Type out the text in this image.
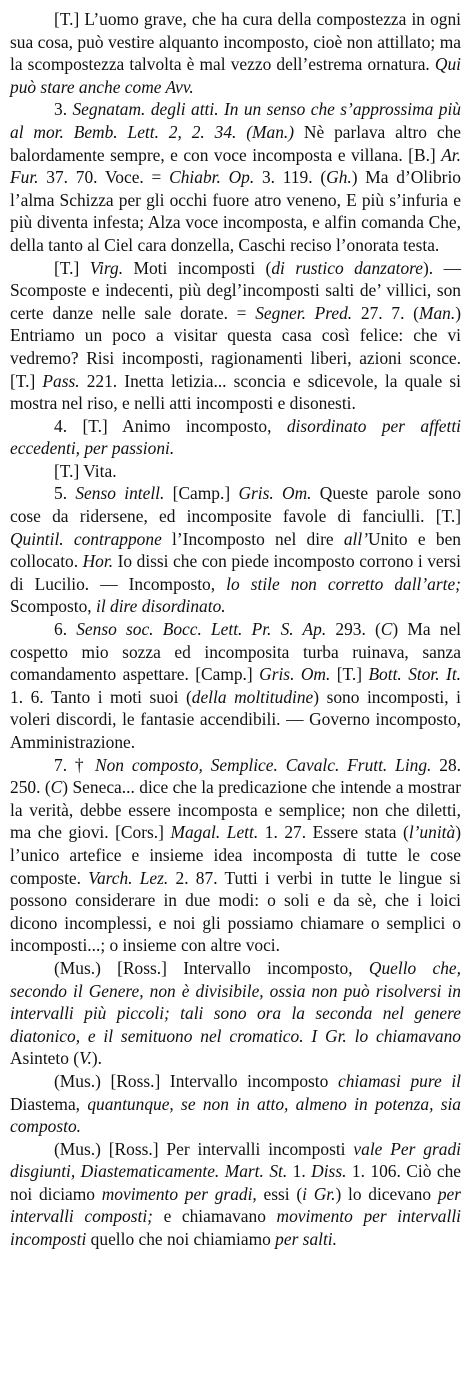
[T.] L’uomo grave, che ha cura della compostezza in ogni sua cosa, può vestire alquanto incomposto, cioè non attillato; ma la scompostezza talvolta è mal vezzo dell’estrema ornatura. Qui può stare anche come Avv.

3. Segnatam. degli atti. In un senso che s’approssima più al mor. Bemb. Lett. 2, 2. 34. (Man.) Nè parlava altro che balordamente sempre, e con voce incomposta e villana. [B.] Ar. Fur. 37. 70. Voce. = Chiabr. Op. 3. 119. (Gh.) Ma d’Olibrio l’alma Schizza per gli occhi fuore atro veneno, E più s’infuria e più diventa infesta; Alza voce incomposta, e alfin comanda Che, della tanto al Ciel cara donzella, Caschi reciso l’onorata testa.

[T.] Virg. Moti incomposti (di rustico danzatore). — Scomposte e indecenti, più degl’incomposti salti de’ villici, son certe danze nelle sale dorate. = Segner. Pred. 27. 7. (Man.) Entriamo un poco a visitar questa casa così felice: che vi vedremo? Risi incomposti, ragionamenti liberi, azioni sconce. [T.] Pass. 221. Inetta letizia... sconcia e sdicevole, la quale si mostra nel riso, e nelli atti incomposti e disonesti.

4. [T.] Animo incomposto, disordinato per affetti eccedenti, per passioni.

[T.] Vita.

5. Senso intell. [Camp.] Gris. Om. Queste parole sono cose da ridersene, ed incomposite favole di fanciulli. [T.] Quintil. contrappone l’Incomposto nel dire all’Unito e ben collocato. Hor. Io dissi che con piede incomposto corrono i versi di Lucilio. — Incomposto, lo stile non corretto dall’arte; Scomposto, il dire disordinato.

6. Senso soc. Bocc. Lett. Pr. S. Ap. 293. (C) Ma nel cospetto mio sozza ed incomposita turba ruinava, sanza comandamento aspettare. [Camp.] Gris. Om. [T.] Bott. Stor. It. 1. 6. Tanto i moti suoi (della moltitudine) sono incomposti, i voleri discordi, le fantasie accendibili. — Governo incomposto, Amministrazione.

7. † Non composto, Semplice. Cavalc. Frutt. Ling. 28. 250. (C) Seneca... dice che la predicazione che intende a mostrar la verità, debbe essere incomposta e semplice; non che diletti, ma che giovi. [Cors.] Magal. Lett. 1. 27. Essere stata (l’unità) l’unico artefice e insieme idea incomposta di tutte le cose composte. Varch. Lez. 2. 87. Tutti i verbi in tutte le lingue si possono considerare in due modi: o soli e da sè, che i loici dicono incomplessi, e noi gli possiamo chiamare o semplici o incomposti...; o insieme con altre voci.

(Mus.) [Ross.] Intervallo incomposto, Quello che, secondo il Genere, non è divisibile, ossia non può risolversi in intervalli più piccoli; tali sono ora la seconda nel genere diatonico, e il semituono nel cromatico. I Gr. lo chiamavano Asinteto (V.).

(Mus.) [Ross.] Intervallo incomposto chiamasi pure il Diastema, quantunque, se non in atto, almeno in potenza, sia composto.

(Mus.) [Ross.] Per intervalli incomposti vale Per gradi disgiunti, Diastematicamente. Mart. St. 1. Diss. 1. 106. Ciò che noi diciamo movimento per gradi, essi (i Gr.) lo dicevano per intervalli composti; e chiamavano movimento per intervalli incomposti quello che noi chiamiamo per salti.
